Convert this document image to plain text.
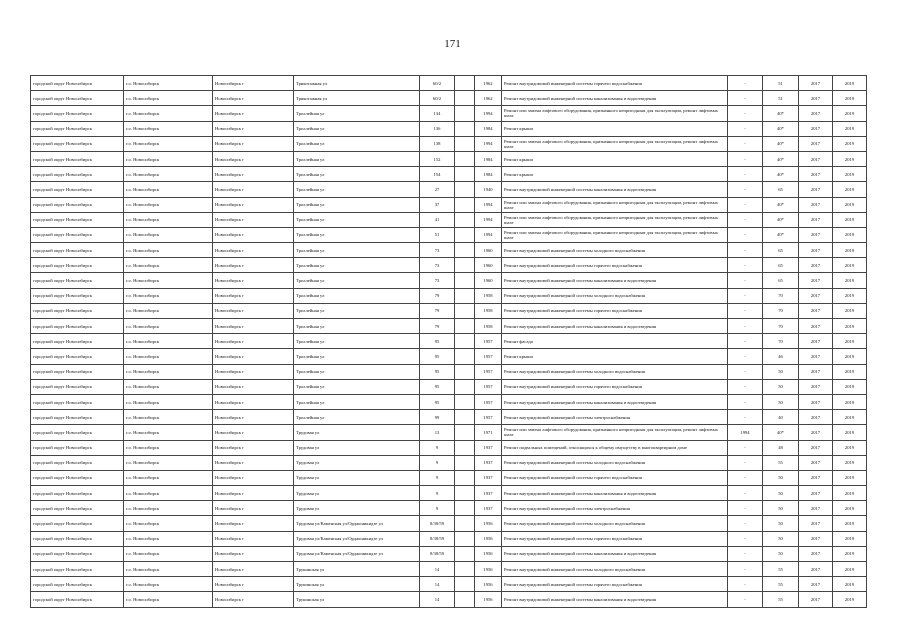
171
городской округ Новосибирск	г.о. Новосибирск	Новосибирск г	Трикотажная ул	60/2		1962	Ремонт внутридомовой инженерной системы горячего водоснабжения	-	51	2017	2019
городской округ Новосибирск	г.о. Новосибирск	Новосибирск г	Трикотажная ул	60/2		1962	Ремонт внутридомовой инженерной системы канализования и водоотведения	-	51	2017	2019
городской округ Новосибирск	г.о. Новосибирск	Новосибирск г	Троллейная ул	134		1994	Ремонт или замена лифтового оборудования, признанного непригодным для эксплуатации, ремонт лифтовых шахт	-	40*	2017	2019
городской округ Новосибирск	г.о. Новосибирск	Новосибирск г	Троллейная ул	136		1984	Ремонт крыши	-	40*	2017	2019
городской округ Новосибирск	г.о. Новосибирск	Новосибирск г	Троллейная ул	138		1994	Ремонт или замена лифтового оборудования, признанного непригодным для эксплуатации, ремонт лифтовых шахт	-	40*	2017	2019
городской округ Новосибирск	г.о. Новосибирск	Новосибирск г	Троллейная ул	152		1984	Ремонт крыши	-	40*	2017	2019
городской округ Новосибирск	г.о. Новосибирск	Новосибирск г	Троллейная ул	154		1984	Ремонт крыши	-	40*	2017	2019
городской округ Новосибирск	г.о. Новосибирск	Новосибирск г	Троллейная ул	27		1940	Ремонт внутридомовой инженерной системы канализования и водоотведения	-	65	2017	2019
городской округ Новосибирск	г.о. Новосибирск	Новосибирск г	Троллейная ул	37		1994	Ремонт или замена лифтового оборудования, признанного непригодным для эксплуатации, ремонт лифтовых шахт	-	40*	2017	2019
городской округ Новосибирск	г.о. Новосибирск	Новосибирск г	Троллейная ул	41		1994	Ремонт или замена лифтового оборудования, признанного непригодным для эксплуатации, ремонт лифтовых шахт	-	40*	2017	2019
городской округ Новосибирск	г.о. Новосибирск	Новосибирск г	Троллейная ул	51		1994	Ремонт или замена лифтового оборудования, признанного непригодным для эксплуатации, ремонт лифтовых шахт	-	40*	2017	2019
городской округ Новосибирск	г.о. Новосибирск	Новосибирск г	Троллейная ул	73		1960	Ремонт внутридомовой инженерной системы холодного водоснабжения	-	65	2017	2019
городской округ Новосибирск	г.о. Новосибирск	Новосибирск г	Троллейная ул	73		1960	Ремонт внутридомовой инженерной системы горячего водоснабжения	-	65	2017	2019
городской округ Новосибирск	г.о. Новосибирск	Новосибирск г	Троллейная ул	73		1960	Ремонт внутридомовой инженерной системы канализования и водоотведения	-	65	2017	2019
городской округ Новосибирск	г.о. Новосибирск	Новосибирск г	Троллейная ул	79		1958	Ремонт внутридомовой инженерной системы холодного водоснабжения	-	70	2017	2019
городской округ Новосибирск	г.о. Новосибирск	Новосибирск г	Троллейная ул	79		1958	Ремонт внутридомовой инженерной системы горячего водоснабжения	-	70	2017	2019
городской округ Новосибирск	г.о. Новосибирск	Новосибирск г	Троллейная ул	79		1958	Ремонт внутридомовой инженерной системы канализования и водоотведения	-	70	2017	2019
городской округ Новосибирск	г.о. Новосибирск	Новосибирск г	Троллейная ул	95		1957	Ремонт фасада	-	70	2017	2019
городской округ Новосибирск	г.о. Новосибирск	Новосибирск г	Троллейная ул	95		1957	Ремонт крыши	-	46	2017	2019
городской округ Новосибирск	г.о. Новосибирск	Новосибирск г	Троллейная ул	95		1957	Ремонт внутридомовой инженерной системы холодного водоснабжения	-	50	2017	2019
городской округ Новосибирск	г.о. Новосибирск	Новосибирск г	Троллейная ул	95		1957	Ремонт внутридомовой инженерной системы горячего водоснабжения	-	50	2017	2019
городской округ Новосибирск	г.о. Новосибирск	Новосибирск г	Троллейная ул	95		1957	Ремонт внутридомовой инженерной системы канализования и водоотведения	-	50	2017	2019
городской округ Новосибирск	г.о. Новосибирск	Новосибирск г	Троллейная ул	99		1957	Ремонт внутридомовой инженерной системы электроснабжения	-	40	2017	2019
городской округ Новосибирск	г.о. Новосибирск	Новосибирск г	Трудовая ул	13		1971	Ремонт или замена лифтового оборудования, признанного непригодным для эксплуатации, ремонт лифтовых шахт	1994	40*	2017	2019
городской округ Новосибирск	г.о. Новосибирск	Новосибирск г	Трудовая ул	9		1937	Ремонт подвальных помещений, относящихся к общему имуществу в многоквартирном доме	-	48	2017	2019
городской округ Новосибирск	г.о. Новосибирск	Новосибирск г	Трудовая ул	9		1937	Ремонт внутридомовой инженерной системы холодного водоснабжения	-	55	2017	2019
городской округ Новосибирск	г.о. Новосибирск	Новосибирск г	Трудовая ул	9		1937	Ремонт внутридомовой инженерной системы горячего водоснабжения	-	50	2017	2019
городской округ Новосибирск	г.о. Новосибирск	Новосибирск г	Трудовая ул	9		1937	Ремонт внутридомовой инженерной системы канализования и водоотведения	-	50	2017	2019
городской округ Новосибирск	г.о. Новосибирск	Новосибирск г	Трудовая ул	9		1937	Ремонт внутридомовой инженерной системы электроснабжения	-	50	2017	2019
городской округ Новосибирск	г.о. Новосибирск	Новосибирск г	Трудовая ул/Каменская ул/Орджоникидзе ул	8/38/59		1956	Ремонт внутридомовой инженерной системы холодного водоснабжения	-	50	2017	2019
городской округ Новосибирск	г.о. Новосибирск	Новосибирск г	Трудовая ул/Каменская ул/Орджоникидзе ул	8/38/59		1956	Ремонт внутридомовой инженерной системы горячего водоснабжения	-	50	2017	2019
городской округ Новосибирск	г.о. Новосибирск	Новосибирск г	Трудовая ул/Каменская ул/Орджоникидзе ул	8/38/59		1956	Ремонт внутридомовой инженерной системы канализования и водоотведения	-	50	2017	2019
городской округ Новосибирск	г.о. Новосибирск	Новосибирск г	Трукинская ул	14		1956	Ремонт внутридомовой инженерной системы холодного водоснабжения	-	55	2017	2019
городской округ Новосибирск	г.о. Новосибирск	Новосибирск г	Трукинская ул	14		1956	Ремонт внутридомовой инженерной системы горячего водоснабжения	-	55	2017	2019
городской округ Новосибирск	г.о. Новосибирск	Новосибирск г	Трукинская ул	14		1956	Ремонт внутридомовой инженерной системы канализования и водоотведения	-	55	2017	2019
